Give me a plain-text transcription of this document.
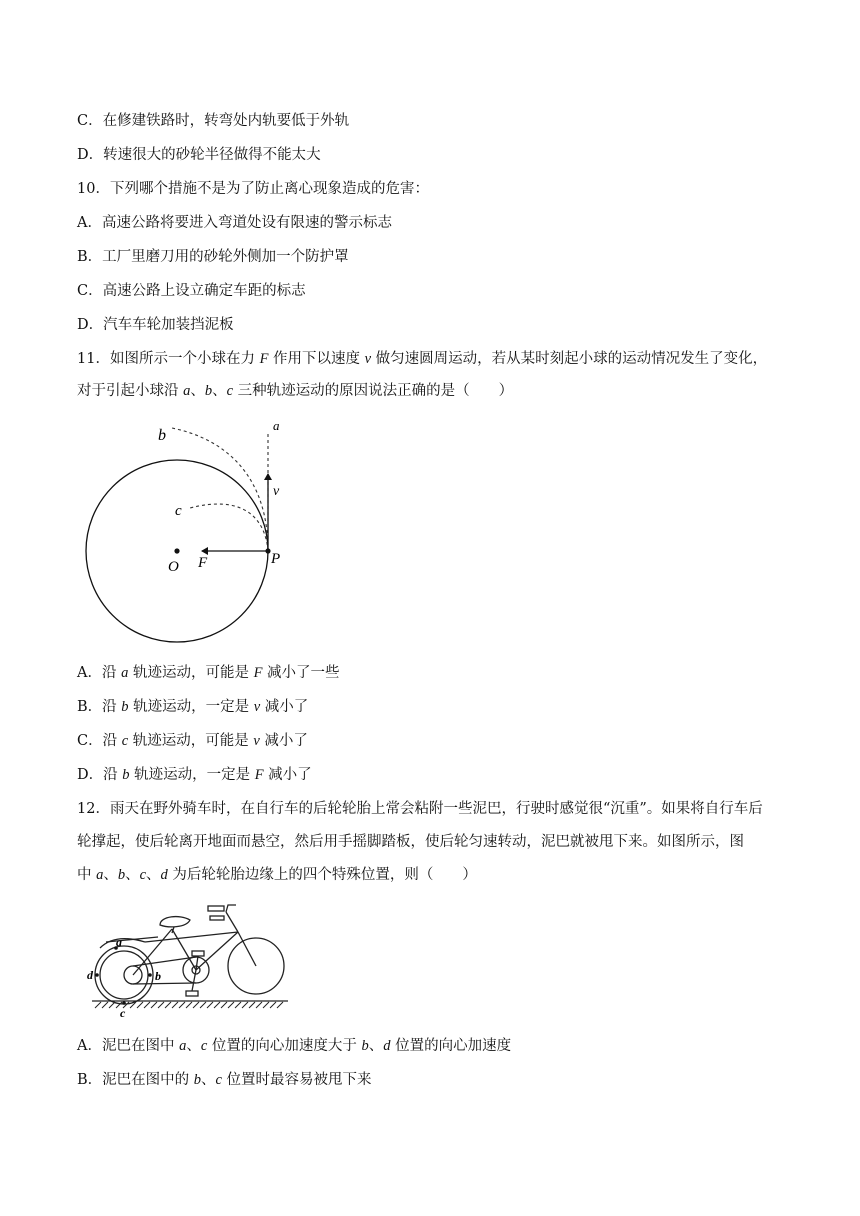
C．在修建铁路时，转弯处内轨要低于外轨
D．转速很大的砂轮半径做得不能太大
10．下列哪个措施不是为了防止离心现象造成的危害：
A．高速公路将要进入弯道处设有限速的警示标志
B．工厂里磨刀用的砂轮外侧加一个防护罩
C．高速公路上设立确定车距的标志
D．汽车车轮加装挡泥板
11．如图所示一个小球在力 F 作用下以速度 v 做匀速圆周运动，若从某时刻起小球的运动情况发生了变化，
对于引起小球沿 a、b、c 三种轨迹运动的原因说法正确的是（　　）
b
a
v
c
O F	P
A．沿 a 轨迹运动，可能是 F 减小了一些
B．沿 b 轨迹运动，一定是 v 减小了
C．沿 c 轨迹运动，可能是 v 减小了
D．沿 b 轨迹运动，一定是 F 减小了
12．雨天在野外骑车时，在自行车的后轮轮胎上常会粘附一些泥巴，行驶时感觉很“沉重”。如果将自行车后
轮撑起，使后轮离开地面而悬空，然后用手摇脚踏板，使后轮匀速转动，泥巴就被甩下来。如图所示，图
中 a、b、c、d 为后轮轮胎边缘上的四个特殊位置，则（　　）
a
b
c
d
A．泥巴在图中 a、c 位置的向心加速度大于 b、d 位置的向心加速度
B．泥巴在图中的 b、c 位置时最容易被甩下来
